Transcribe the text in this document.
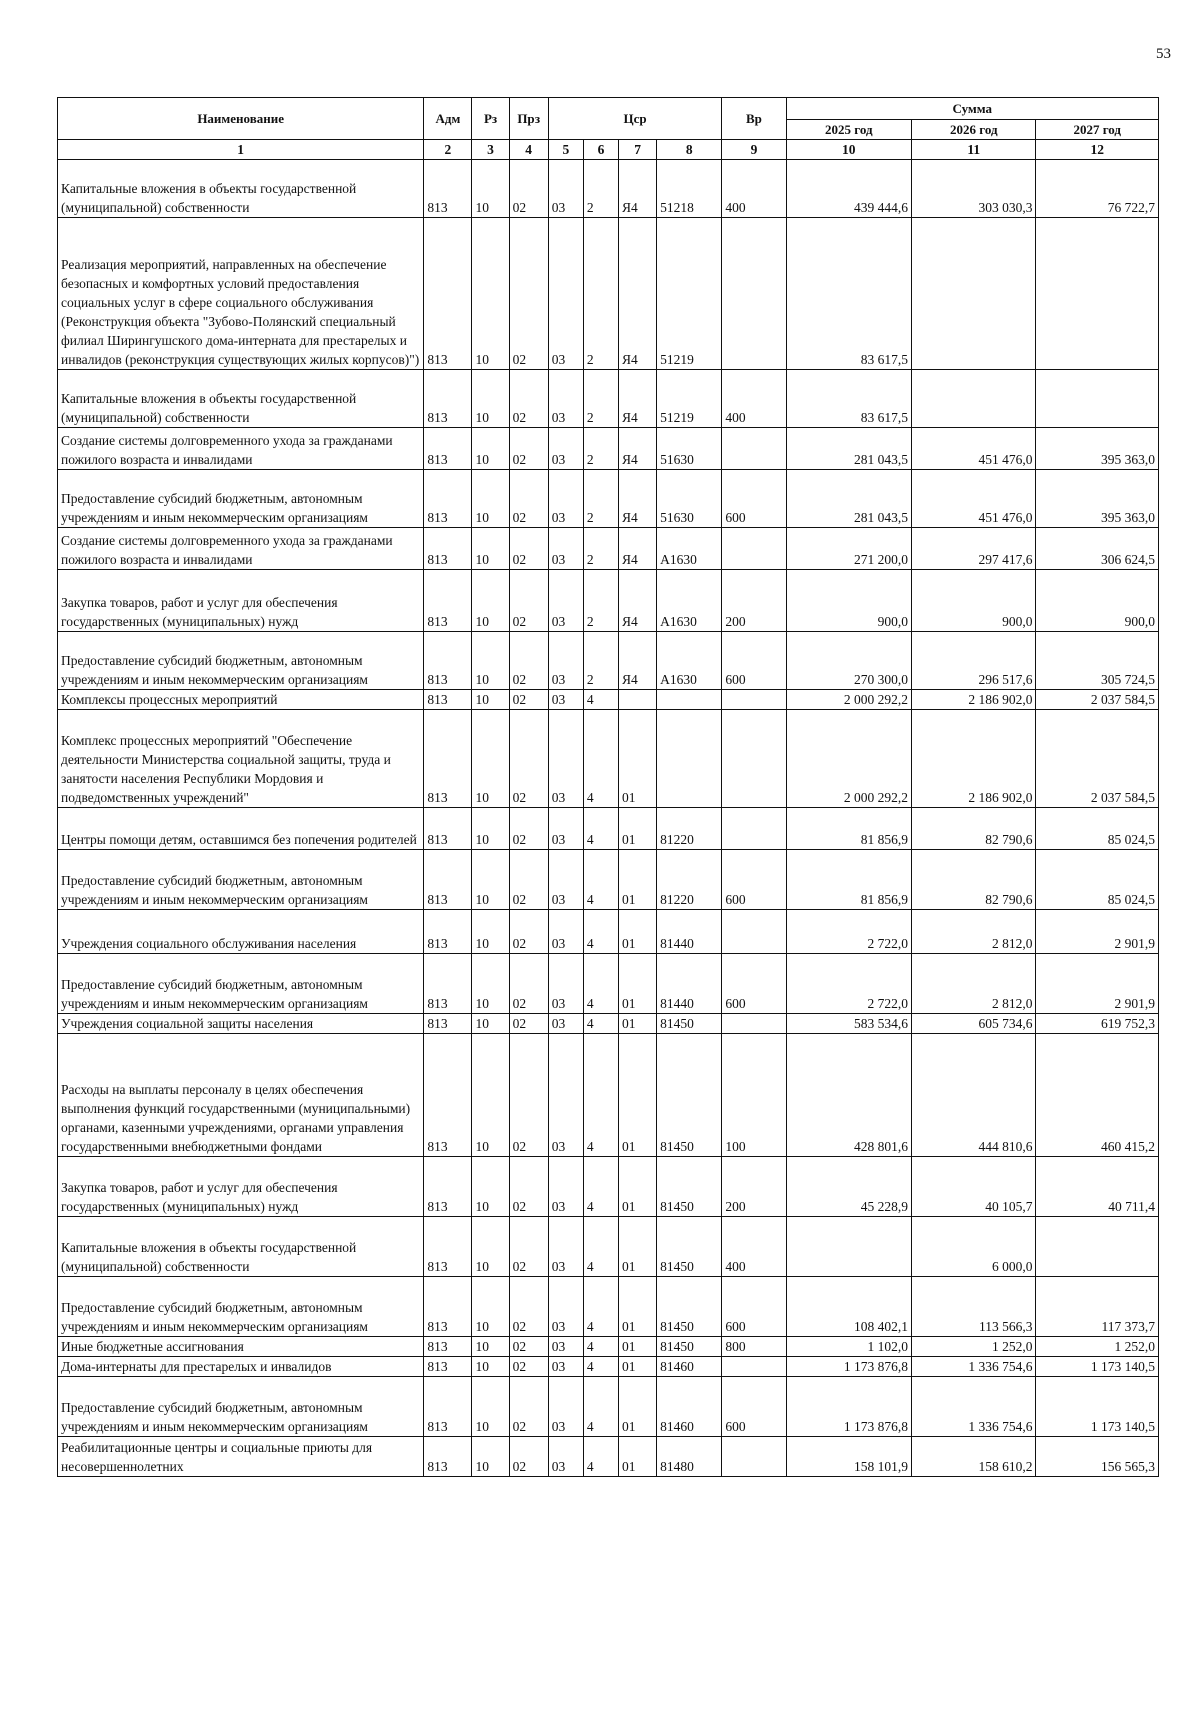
53
Наименование	Адм	Рз	Прз	Цср				Вр	Сумма		
									2025 год	2026 год	2027 год
1	2	3	4	5	6	7	8	9	10	11	12
Капитальные вложения в объекты государственной (муниципальной) собственности	813	10	02	03	2	Я4	51218	400	439 444,6	303 030,3	76 722,7
Реализация мероприятий, направленных на обеспечение безопасных и комфортных условий предоставления социальных услуг в сфере социального обслуживания (Реконструкция объекта "Зубово-Полянский специальный филиал Ширингушского дома-интерната для престарелых и инвалидов (реконструкция существующих жилых корпусов)")	813	10	02	03	2	Я4	51219		83 617,5		
Капитальные вложения в объекты государственной (муниципальной) собственности	813	10	02	03	2	Я4	51219	400	83 617,5		
Создание системы долговременного ухода за гражданами пожилого возраста и инвалидами	813	10	02	03	2	Я4	51630		281 043,5	451 476,0	395 363,0
Предоставление субсидий бюджетным, автономным учреждениям и иным некоммерческим организациям	813	10	02	03	2	Я4	51630	600	281 043,5	451 476,0	395 363,0
Создание системы долговременного ухода за гражданами пожилого возраста и инвалидами	813	10	02	03	2	Я4	А1630		271 200,0	297 417,6	306 624,5
Закупка товаров, работ и услуг для обеспечения государственных (муниципальных) нужд	813	10	02	03	2	Я4	А1630	200	900,0	900,0	900,0
Предоставление субсидий бюджетным, автономным учреждениям и иным некоммерческим организациям	813	10	02	03	2	Я4	А1630	600	270 300,0	296 517,6	305 724,5
Комплексы процессных мероприятий	813	10	02	03	4				2 000 292,2	2 186 902,0	2 037 584,5
Комплекс процессных мероприятий "Обеспечение деятельности Министерства социальной защиты, труда и занятости населения Республики Мордовия и подведомственных учреждений"	813	10	02	03	4	01			2 000 292,2	2 186 902,0	2 037 584,5
Центры помощи детям, оставшимся без попечения родителей	813	10	02	03	4	01	81220		81 856,9	82 790,6	85 024,5
Предоставление субсидий бюджетным, автономным учреждениям и иным некоммерческим организациям	813	10	02	03	4	01	81220	600	81 856,9	82 790,6	85 024,5
Учреждения социального обслуживания населения	813	10	02	03	4	01	81440		2 722,0	2 812,0	2 901,9
Предоставление субсидий бюджетным, автономным учреждениям и иным некоммерческим организациям	813	10	02	03	4	01	81440	600	2 722,0	2 812,0	2 901,9
Учреждения социальной защиты населения	813	10	02	03	4	01	81450		583 534,6	605 734,6	619 752,3
Расходы на выплаты персоналу в целях обеспечения выполнения функций государственными (муниципальными) органами, казенными учреждениями, органами управления государственными внебюджетными фондами	813	10	02	03	4	01	81450	100	428 801,6	444 810,6	460 415,2
Закупка товаров, работ и услуг для обеспечения государственных (муниципальных) нужд	813	10	02	03	4	01	81450	200	45 228,9	40 105,7	40 711,4
Капитальные вложения в объекты государственной (муниципальной) собственности	813	10	02	03	4	01	81450	400		6 000,0	
Предоставление субсидий бюджетным, автономным учреждениям и иным некоммерческим организациям	813	10	02	03	4	01	81450	600	108 402,1	113 566,3	117 373,7
Иные бюджетные ассигнования	813	10	02	03	4	01	81450	800	1 102,0	1 252,0	1 252,0
Дома-интернаты для престарелых и инвалидов	813	10	02	03	4	01	81460		1 173 876,8	1 336 754,6	1 173 140,5
Предоставление субсидий бюджетным, автономным учреждениям и иным некоммерческим организациям	813	10	02	03	4	01	81460	600	1 173 876,8	1 336 754,6	1 173 140,5
Реабилитационные центры и социальные приюты для несовершеннолетних	813	10	02	03	4	01	81480		158 101,9	158 610,2	156 565,3
